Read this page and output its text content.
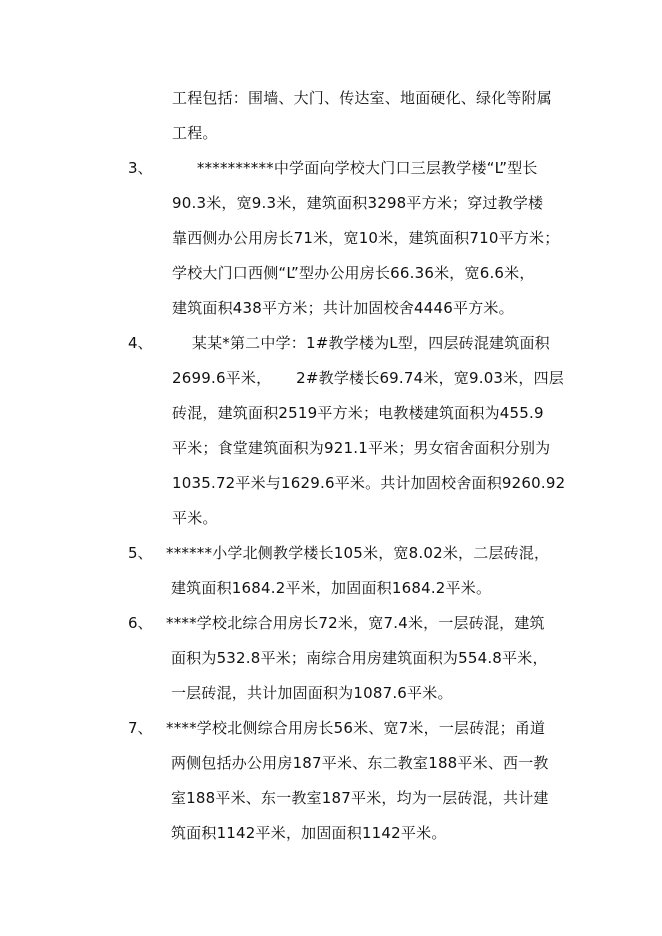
工程包括：围墙、大门、传达室、地面硬化、绿化等附属
工程。
3、 **********中学面向学校大门口三层教学楼“L”型长
90.3米，宽9.3米，建筑面积3298平方米；穿过教学楼
靠西侧办公用房长71米，宽10米，建筑面积710平方米；
学校大门口西侧“L”型办公用房长66.36米，宽6.6米，
建筑面积438平方米；共计加固校舍4446平方米。
4、 某某*第二中学：1#教学楼为L型，四层砖混建筑面积
2699.6平米，     2#教学楼长69.74米，宽9.03米，四层
砖混，建筑面积2519平方米；电教楼建筑面积为455.9
平米；食堂建筑面积为921.1平米；男女宿舍面积分别为
1035.72平米与1629.6平米。共计加固校舍面积9260.92
平米。
5、 ******小学北侧教学楼长105米，宽8.02米，二层砖混，
建筑面积1684.2平米，加固面积1684.2平米。
6、 ****学校北综合用房长72米，宽7.4米，一层砖混，建筑
面积为532.8平米；南综合用房建筑面积为554.8平米，
一层砖混，共计加固面积为1087.6平米。
7、 ****学校北侧综合用房长56米、宽7米，一层砖混；甬道
两侧包括办公用房187平米、东二教室188平米、西一教
室188平米、东一教室187平米，均为一层砖混，共计建
筑面积1142平米，加固面积1142平米。
